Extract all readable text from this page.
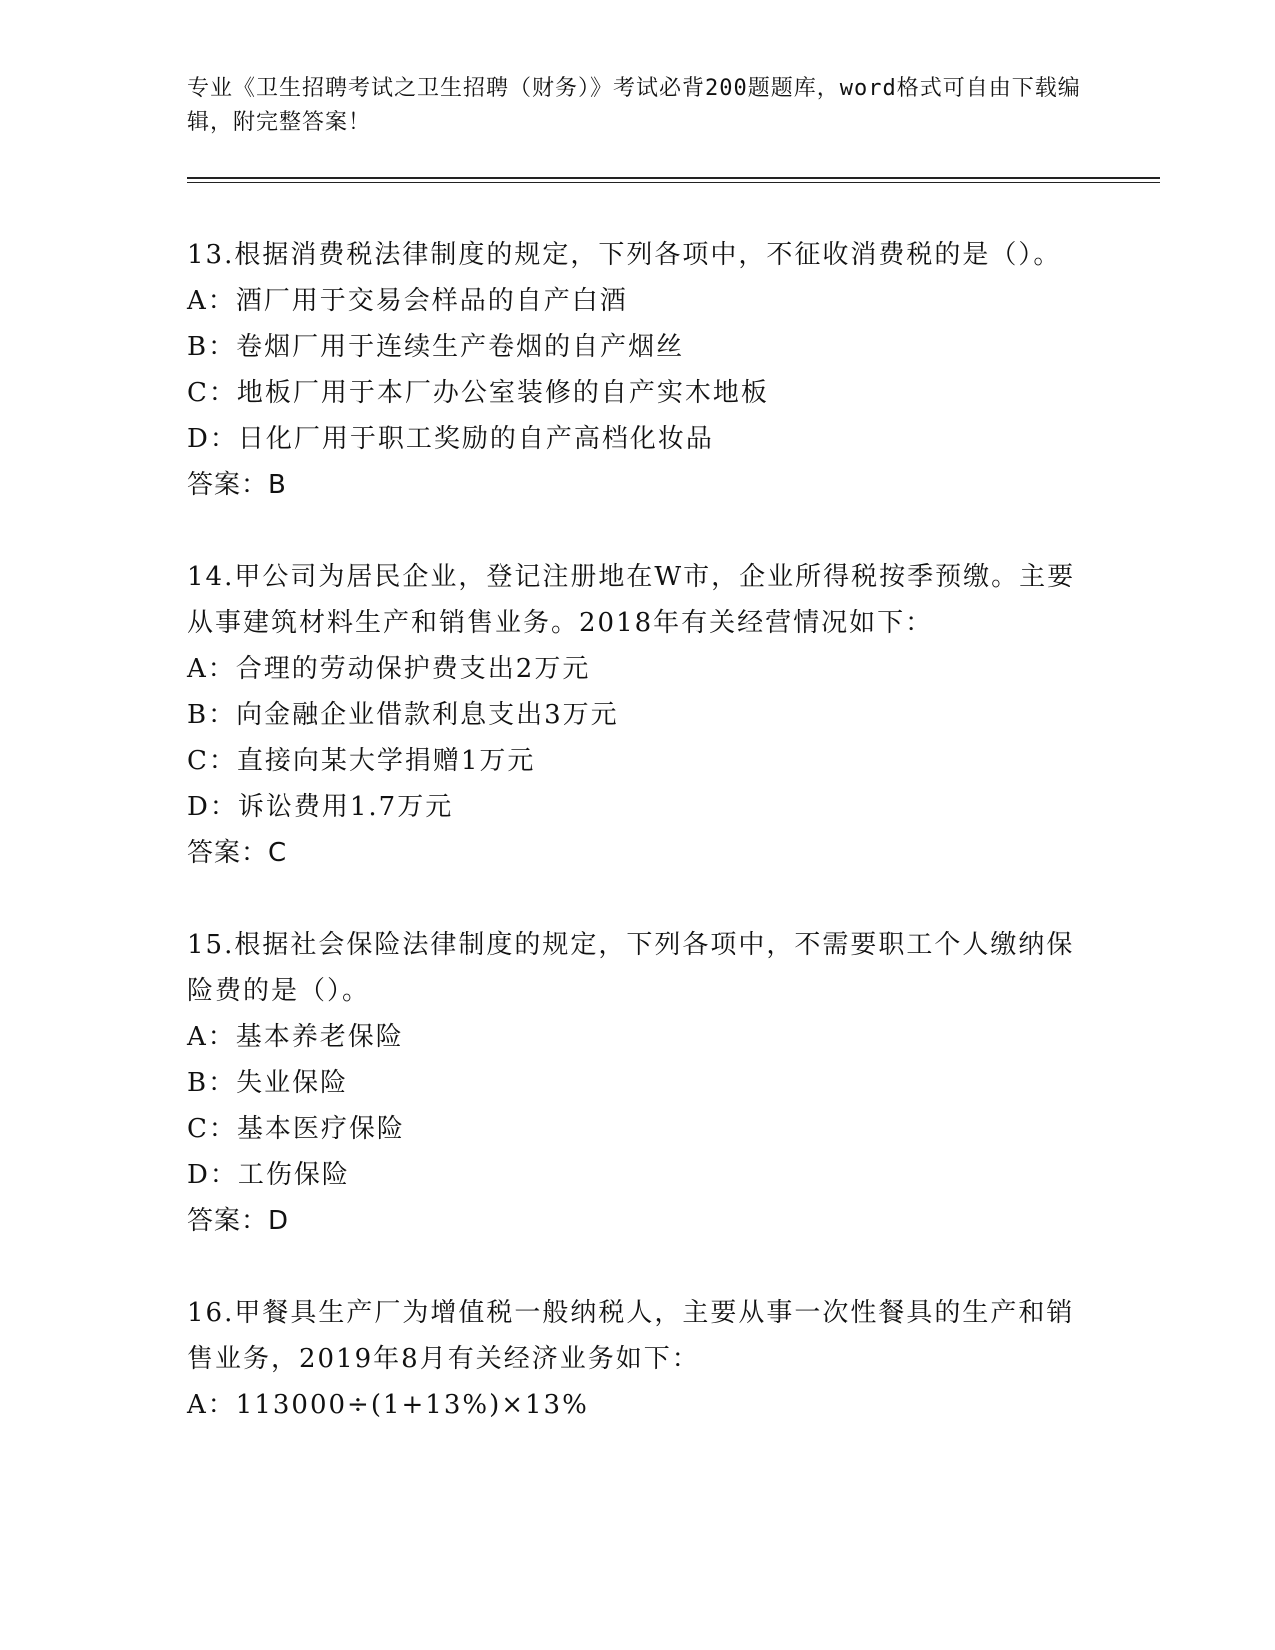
专业《卫生招聘考试之卫生招聘（财务）》考试必背200题题库，word格式可自由下载编辑，附完整答案！
13.根据消费税法律制度的规定，下列各项中，不征收消费税的是（）。
A：酒厂用于交易会样品的自产白酒
B：卷烟厂用于连续生产卷烟的自产烟丝
C：地板厂用于本厂办公室装修的自产实木地板
D：日化厂用于职工奖励的自产高档化妆品
答案：B
14.甲公司为居民企业，登记注册地在W市，企业所得税按季预缴。主要从事建筑材料生产和销售业务。2018年有关经营情况如下：
A：合理的劳动保护费支出2万元
B：向金融企业借款利息支出3万元
C：直接向某大学捐赠1万元
D：诉讼费用1.7万元
答案：C
15.根据社会保险法律制度的规定，下列各项中，不需要职工个人缴纳保险费的是（）。
A：基本养老保险
B：失业保险
C：基本医疗保险
D：工伤保险
答案：D
16.甲餐具生产厂为增值税一般纳税人，主要从事一次性餐具的生产和销售业务，2019年8月有关经济业务如下：
A：113000÷(1+13%)×13%
